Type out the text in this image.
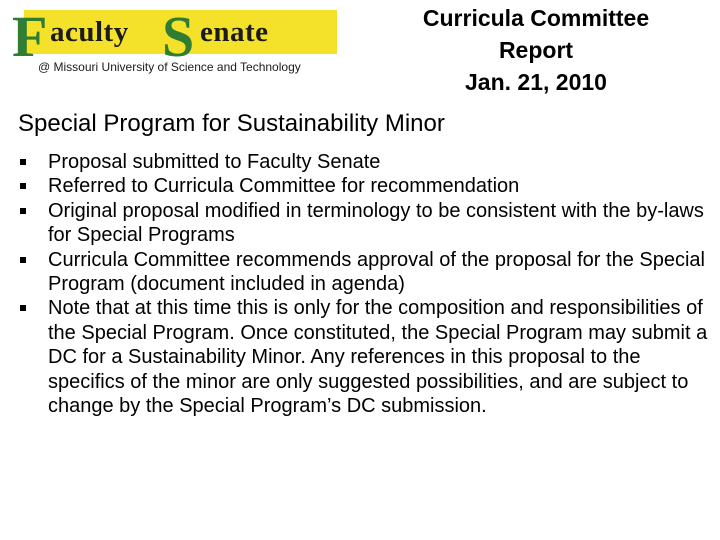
F aculty S enate
@ Missouri University of Science and Technology
Curricula Committee
Report
Jan. 21, 2010
Special Program for Sustainability Minor
Proposal submitted to Faculty Senate
Referred to Curricula Committee for recommendation
Original proposal modified in terminology to be consistent with the by-laws for Special Programs
Curricula Committee recommends approval of the proposal for the Special Program (document included in agenda)
Note that at this time this is only for the composition and responsibilities of the Special Program. Once constituted, the Special Program may submit a DC for a Sustainability Minor. Any references in this proposal to the specifics of the minor are only suggested possibilities, and are subject to change by the Special Program’s DC submission.
